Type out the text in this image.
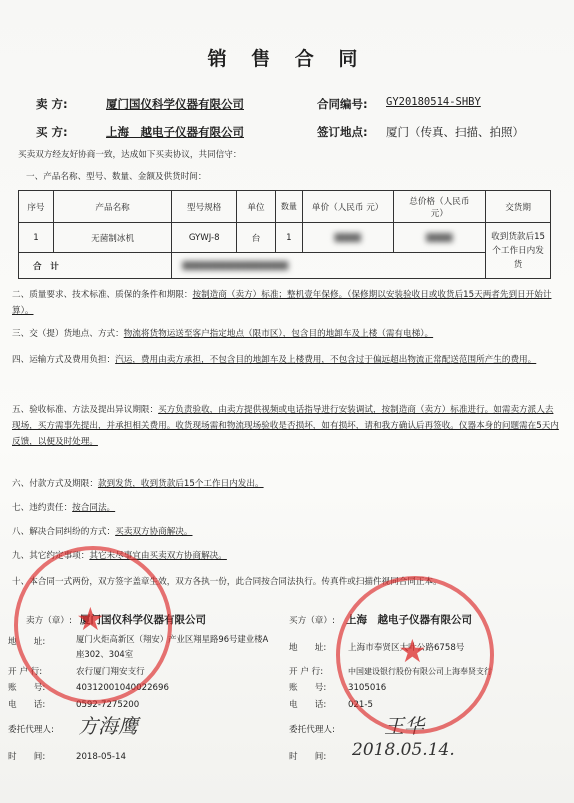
销 售 合 同
卖 方:	厦门国仪科学仪器有限公司	合同编号: GY20180514-SHBY
买 方:	上海　越电子仪器有限公司	签订地点: 厦门（传真、扫描、拍照）
买卖双方经友好协商一致，达成如下买卖协议，共同信守：
一、产品名称、型号、数量、金额及供货时间：
序号	产品名称	型号规格	单位	数量	单价（人民币 元）	总价格（人民币 元）	交货期
1	无菌制冰机	GYWJ-8	台	1	▇▇▇▇	▇▇▇▇	收到货款后15个工作日内发货
合　计		▇▇▇▇▇▇▇▇▇▇▇▇▇▇▇▇					
二、质量要求、技术标准、质保的条件和期限：按制造商（卖方）标准；整机壹年保修。（保修期以安装验收日或收货后15天两者先到日开始计算）。
三、交（提）货地点、方式：物流将货物运送至客户指定地点（限市区），包含目的地卸车及上楼（需有电梯）。
四、运输方式及费用负担：汽运，费用由卖方承担，不包含目的地卸车及上楼费用，不包含过于偏远超出物流正常配送范围所产生的费用。
五、验收标准、方法及提出异议期限：买方负责验收，由卖方提供视频或电话指导进行安装调试，按制造商（卖方）标准进行。如需卖方派人去现场，买方需事先提出，并承担相关费用。收货现场需和物流现场验收是否损坏，如有损坏，请和我方确认后再签收。仪器本身的问题需在5天内反馈，以便及时处理。
六、付款方式及期限：款到发货，收到货款后15个工作日内发出。
七、违约责任：按合同法。
八、解决合同纠纷的方式：买卖双方协商解决。
九、其它约定事项：其它未尽事宜由买卖双方协商解决。
十、本合同一式两份，双方签字盖章生效，双方各执一份，此合同按合同法执行。传真件或扫描件视同合同正本。
卖方（章）: 厦门国仪科学仪器有限公司
地　　址:	厦门火炬高新区（翔安）产业区翔星路96号建业楼A座302、304室
开 户 行:	农行厦门翔安支行
账　　号:	40312001040022696
电　　话:	0592-7275200
委托代理人: 方海鹰
时　　间:	2018-05-14
买方（章）: 上海　越电子仪器有限公司
地　　址:	上海市奉贤区大叶公路6758号
开 户 行:	中国建设银行股份有限公司上海奉贤支行
账　　号:	3105016
电　　话:	021-5
委托代理人: 王华
时　　间: 2018.05.14.
★
★
